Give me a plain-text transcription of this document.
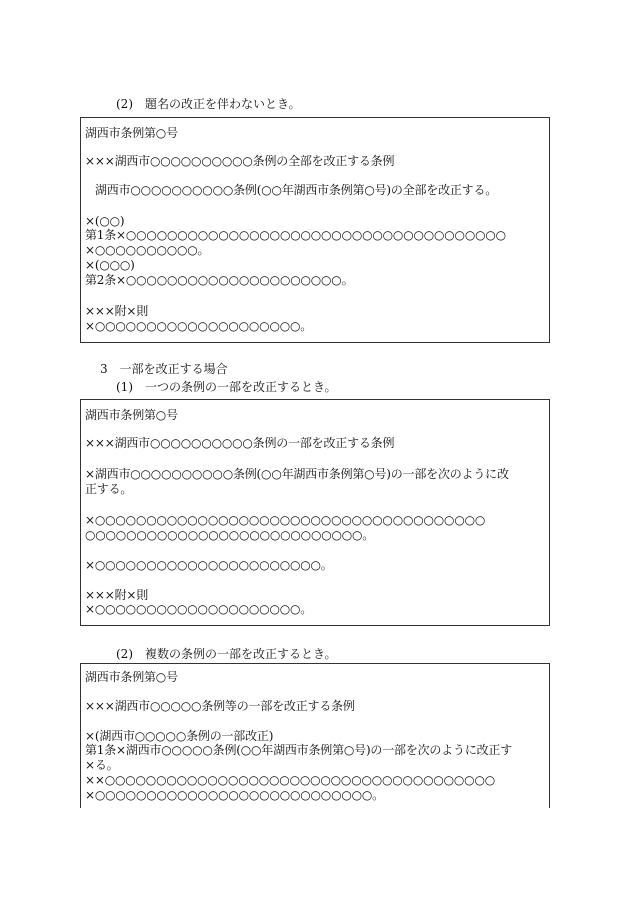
(2)　題名の改正を伴わないとき。
湖西市条例第○号
×××湖西市○○○○○○○○○○条例の全部を改正する条例
湖西市○○○○○○○○○○条例(○○年湖西市条例第○号)の全部を改正する。
×(○○)
第1条×○○○○○○○○○○○○○○○○○○○○○○○○○○○○○○○○○○○○○
×○○○○○○○○○○。
×(○○○)
第2条×○○○○○○○○○○○○○○○○○○○○○。
×××附×則
×○○○○○○○○○○○○○○○○○○○○。
3　一部を改正する場合
(1)　一つの条例の一部を改正するとき。
湖西市条例第○号
×××湖西市○○○○○○○○○○条例の一部を改正する条例
×湖西市○○○○○○○○○○条例(○○年湖西市条例第○号)の一部を次のように改
正する。
×○○○○○○○○○○○○○○○○○○○○○○○○○○○○○○○○○○○○○○
○○○○○○○○○○○○○○○○○○○○○○○○○○○。
×○○○○○○○○○○○○○○○○○○○○○○。
×××附×則
×○○○○○○○○○○○○○○○○○○○○。
(2)　複数の条例の一部を改正するとき。
湖西市条例第○号
×××湖西市○○○○○条例等の一部を改正する条例
×(湖西市○○○○○条例の一部改正)
第1条×湖西市○○○○○条例(○○年湖西市条例第○号)の一部を次のように改正す
×る。
××○○○○○○○○○○○○○○○○○○○○○○○○○○○○○○○○○○○○○○
×○○○○○○○○○○○○○○○○○○○○○○○○○○○。
